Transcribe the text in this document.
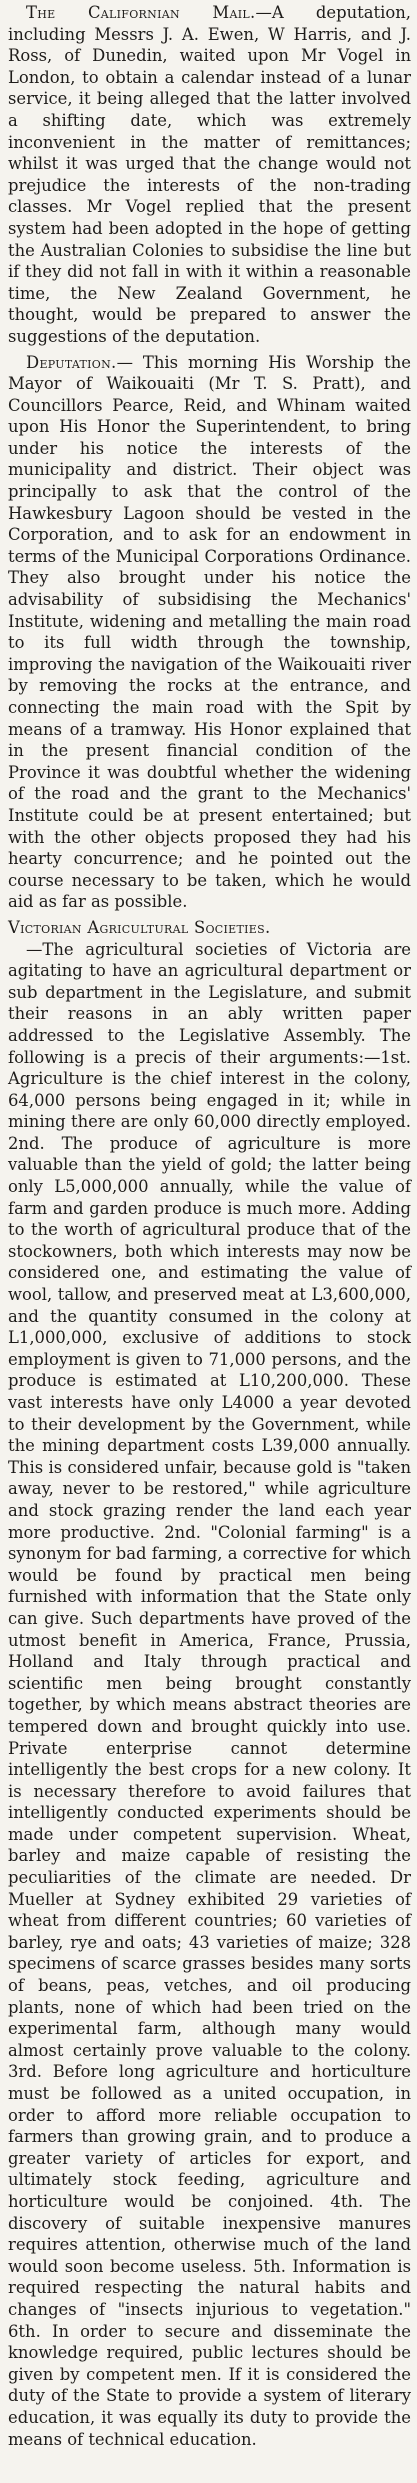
The Californian Mail.—A deputation, including Messrs J. A. Ewen, W Harris, and J. Ross, of Dunedin, waited upon Mr Vogel in London, to obtain a calendar instead of a lunar service, it being alleged that the latter involved a shifting date, which was extremely inconvenient in the matter of remittances; whilst it was urged that the change would not prejudice the interests of the non-trading classes. Mr Vogel replied that the present system had been adopted in the hope of getting the Australian Colonies to subsidise the line but if they did not fall in with it within a reasonable time, the New Zealand Government, he thought, would be prepared to answer the suggestions of the deputation.

Deputation.— This morning His Worship the Mayor of Waikouaiti (Mr T. S. Pratt), and Councillors Pearce, Reid, and Whinam waited upon His Honor the Superintendent, to bring under his notice the interests of the municipality and district. Their object was principally to ask that the control of the Hawkesbury Lagoon should be vested in the Corporation, and to ask for an endowment in terms of the Municipal Corporations Ordinance. They also brought under his notice the advisability of subsidising the Mechanics' Institute, widening and metalling the main road to its full width through the township, improving the navigation of the Waikouaiti river by removing the rocks at the entrance, and connecting the main road with the Spit by means of a tramway. His Honor explained that in the present financial condition of the Province it was doubtful whether the widening of the road and the grant to the Mechanics' Institute could be at present entertained; but with the other objects proposed they had his hearty concurrence; and he pointed out the course necessary to be taken, which he would aid as far as possible.

Victorian Agricultural Societies.

—The agricultural societies of Victoria are agitating to have an agricultural department or sub department in the Legislature, and submit their reasons in an ably written paper addressed to the Legislative Assembly. The following is a precis of their arguments:—1st. Agriculture is the chief interest in the colony, 64,000 persons being engaged in it; while in mining there are only 60,000 directly employed. 2nd. The produce of agriculture is more valuable than the yield of gold; the latter being only L5,000,000 annually, while the value of farm and garden produce is much more. Adding to the worth of agricultural produce that of the stockowners, both which interests may now be considered one, and estimating the value of wool, tallow, and preserved meat at L3,600,000, and the quantity consumed in the colony at L1,000,000, exclusive of additions to stock employment is given to 71,000 persons, and the produce is estimated at L10,200,000. These vast interests have only L4000 a year devoted to their development by the Government, while the mining department costs L39,000 annually. This is considered unfair, because gold is "taken away, never to be restored," while agriculture and stock grazing render the land each year more productive. 2nd. "Colonial farming" is a synonym for bad farming, a corrective for which would be found by practical men being furnished with information that the State only can give. Such departments have proved of the utmost benefit in America, France, Prussia, Holland and Italy through practical and scientific men being brought constantly together, by which means abstract theories are tempered down and brought quickly into use. Private enterprise cannot determine intelligently the best crops for a new colony. It is necessary therefore to avoid failures that intelligently conducted experiments should be made under competent supervision. Wheat, barley and maize capable of resisting the peculiarities of the climate are needed. Dr Mueller at Sydney exhibited 29 varieties of wheat from different countries; 60 varieties of barley, rye and oats; 43 varieties of maize; 328 specimens of scarce grasses besides many sorts of beans, peas, vetches, and oil producing plants, none of which had been tried on the experimental farm, although many would almost certainly prove valuable to the colony. 3rd. Before long agriculture and horticulture must be followed as a united occupation, in order to afford more reliable occupation to farmers than growing grain, and to produce a greater variety of articles for export, and ultimately stock feeding, agriculture and horticulture would be conjoined. 4th. The discovery of suitable inexpensive manures requires attention, otherwise much of the land would soon become useless. 5th. Information is required respecting the natural habits and changes of "insects injurious to vegetation." 6th. In order to secure and disseminate the knowledge required, public lectures should be given by competent men. If it is considered the duty of the State to provide a system of literary education, it was equally its duty to provide the means of technical education.
